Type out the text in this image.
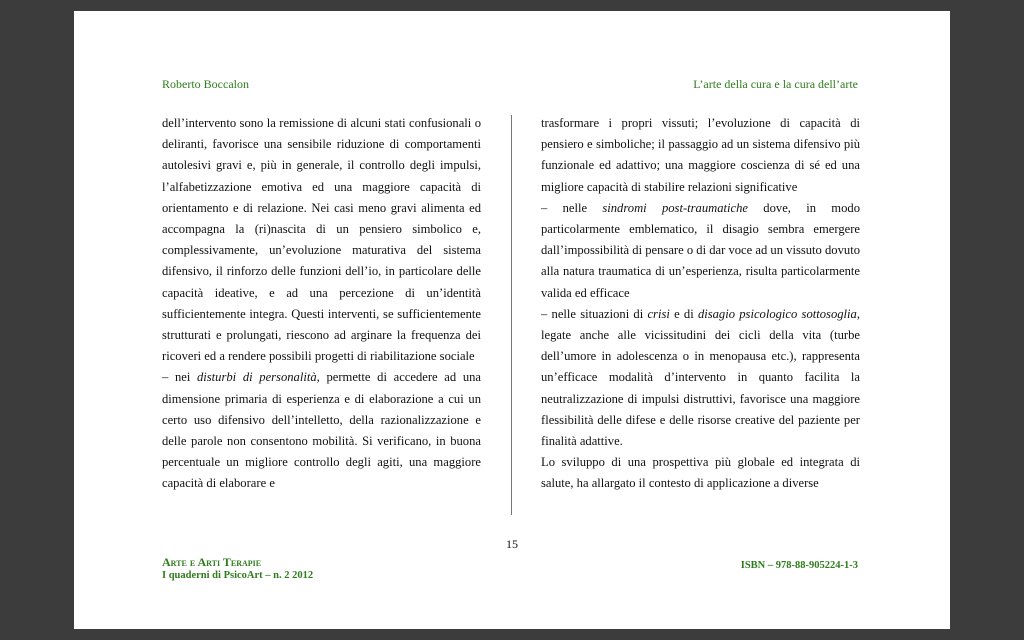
Roberto Boccalon	L’arte della cura e la cura dell’arte

dell’intervento sono la remissione di alcuni stati confusionali o deliranti, favorisce una sensibile riduzione di comportamenti autolesivi gravi e, più in generale, il controllo degli impulsi, l’alfabetizzazione emotiva ed una maggiore capacità di orientamento e di relazione. Nei casi meno gravi alimenta ed accompagna la (ri)nascita di un pensiero simbolico e, complessivamente, un’evoluzione maturativa del sistema difensivo, il rinforzo delle funzioni dell’io, in particolare delle capacità ideative, e ad una percezione di un’identità sufficientemente integra. Questi interventi, se sufficientemente strutturati e prolungati, riescono ad arginare la frequenza dei ricoveri ed a rendere possibili progetti di riabilitazione sociale

– nei disturbi di personalità, permette di accedere ad una dimensione primaria di esperienza e di elaborazione a cui un certo uso difensivo dell’intelletto, della razionalizzazione e delle parole non consentono mobilità. Si verificano, in buona percentuale un migliore controllo degli agiti, una maggiore capacità di elaborare e

trasformare i propri vissuti; l’evoluzione di capacità di pensiero e simboliche; il passaggio ad un sistema difensivo più funzionale ed adattivo; una maggiore coscienza di sé ed una migliore capacità di stabilire relazioni significative

– nelle sindromi post-traumatiche dove, in modo particolarmente emblematico, il disagio sembra emergere dall’impossibilità di pensare o di dar voce ad un vissuto dovuto alla natura traumatica di un’esperienza, risulta particolarmente valida ed efficace

– nelle situazioni di crisi e di disagio psicologico sottosoglia, legate anche alle vicissitudini dei cicli della vita (turbe dell’umore in adolescenza o in menopausa etc.), rappresenta un’efficace modalità d’intervento in quanto facilita la neutralizzazione di impulsi distruttivi, favorisce una maggiore flessibilità delle difese e delle risorse creative del paziente per finalità adattive.

Lo sviluppo di una prospettiva più globale ed integrata di salute, ha allargato il contesto di applicazione a diverse

15
Arte e Arti Terapie
I quaderni di PsicoArt – n. 2 2012
ISBN – 978-88-905224-1-3
